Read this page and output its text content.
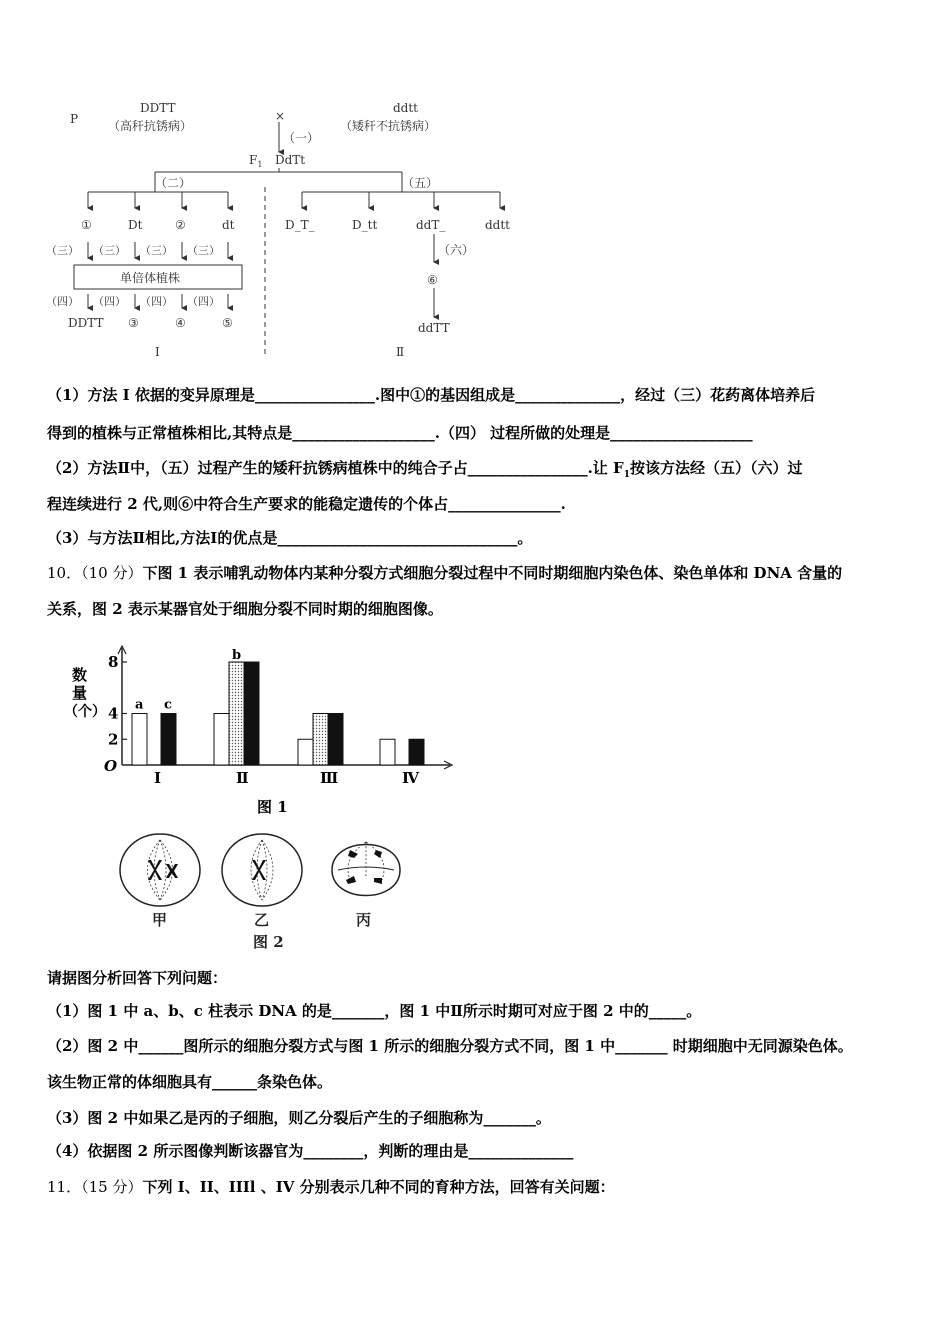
P
DDTT
（高秆抗锈病）
×
ddtt
（矮秆不抗锈病）
（一）
$F_1$ DdTt
（二）	（五）
①	Dt	②	dt	D_T_	D_tt	ddT_	ddtt
（三） （三） （三） （三）
单倍体植株
（四） （四） （四） （四）
DDTT ③	④	⑤
（六）
⑥
ddTT
Ⅰ	Ⅱ
（1）方法 I 依据的变异原理是________________.图中①的基因组成是______________，经过（三）花药离体培养后
得到的植株与正常植株相比,其特点是___________________.（四） 过程所做的处理是___________________
（2）方法Ⅱ中，（五）过程产生的矮秆抗锈病植株中的纯合子占________________.让 $F_1$按该方法经（五）（六）过
程连续进行 2 代,则⑥中符合生产要求的能稳定遗传的个体占_______________.
（3）与方法Ⅱ相比,方法Ⅰ的优点是________________________________。
10．（10 分）下图 1 表示哺乳动物体内某种分裂方式细胞分裂过程中不同时期细胞内染色体、染色单体和 DNA 含量的
关系，图 2 表示某器官处于细胞分裂不同时期的细胞图像。
数
量
（个）
O
2
4
8
a c
Ⅰ
b
Ⅱ	Ⅲ	Ⅳ
图 1
甲	乙	丙
图 2
请据图分析回答下列问题：
（1）图 1 中 a、b、c 柱表示 DNA 的是_______，图 1 中Ⅱ所示时期可对应于图 2 中的_____。
（2）图 2 中______图所示的细胞分裂方式与图 1 所示的细胞分裂方式不同，图 1 中_______ 时期细胞中无同源染色体。
该生物正常的体细胞具有______条染色体。
（3）图 2 中如果乙是丙的子细胞，则乙分裂后产生的子细胞称为_______。
（4）依据图 2 所示图像判断该器官为________，判断的理由是______________
11．（15 分）下列 I、II、IIIl 、IV 分别表示几种不同的育种方法，回答有关问题：
